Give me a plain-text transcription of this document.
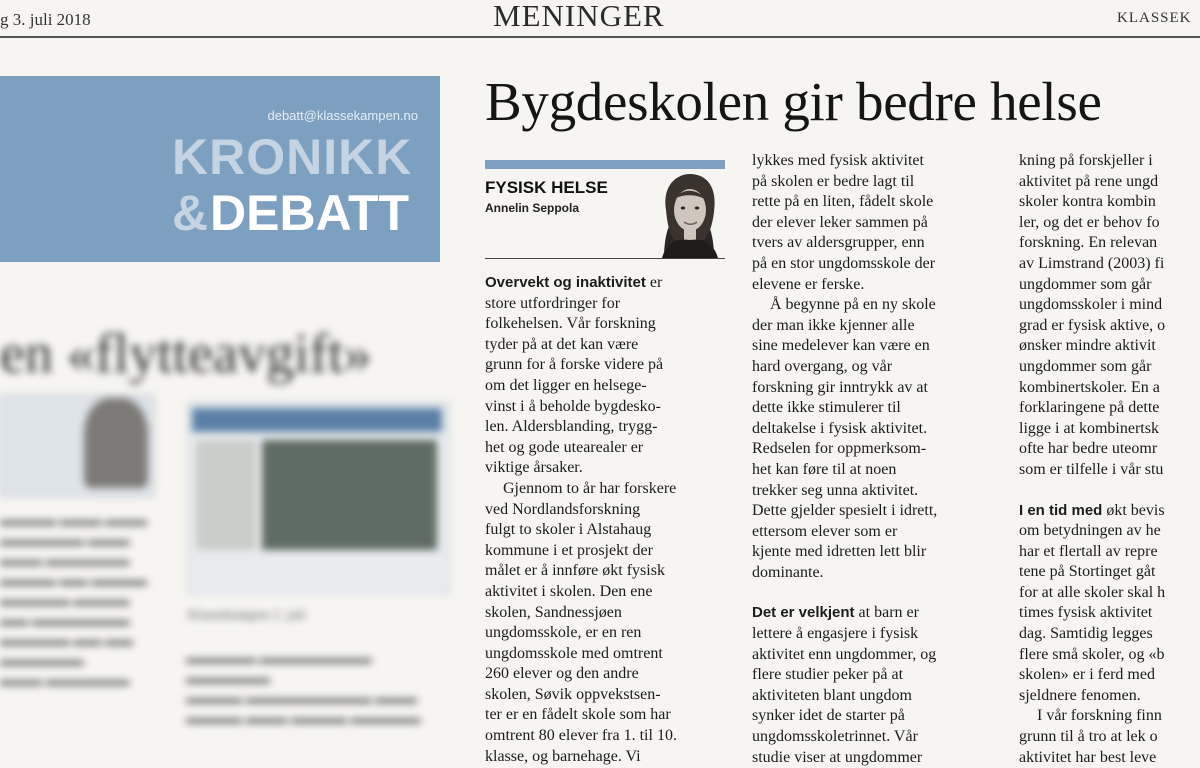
g 3. juli 2018	MENINGER	KLASSEK
debatt@klassekampen.no
KRONIKK
& DEBATT
en «flytteavgift»
Klassekampen 2. juli
▬▬▬▬ ▬▬▬ ▬▬▬
▬▬▬▬▬▬ ▬▬▬
▬▬▬ ▬▬▬▬▬▬
▬▬▬▬ ▬▬ ▬▬▬▬
▬▬▬▬▬ ▬▬▬▬
▬▬ ▬▬▬▬▬▬▬
▬▬▬▬▬ ▬▬ ▬▬
▬▬▬▬▬▬
▬▬▬ ▬▬▬▬▬▬
▬▬▬▬▬ ▬▬▬▬▬▬▬▬ ▬▬▬▬▬▬
▬▬▬▬ ▬▬▬▬▬▬▬▬▬ ▬▬▬
▬▬▬▬ ▬▬▬ ▬▬▬▬ ▬▬▬▬▬
Bygdeskolen gir bedre helse
FYSISK HELSE
Annelin Seppola

Overvekt og inaktivitet er

store utfordringer for

folkehelsen. Vår forskning

tyder på at det kan være

grunn for å forske videre på

om det ligger en helsege-

vinst i å beholde bygdesko-

len. Aldersblanding, trygg-

het og gode utearealer er

viktige årsaker.

Gjennom to år har forskere

ved Nordlandsforskning

fulgt to skoler i Alstahaug

kommune i et prosjekt der

målet er å innføre økt fysisk

aktivitet i skolen. Den ene

skolen, Sandnessjøen

ungdomsskole, er en ren

ungdomsskole med omtrent

260 elever og den andre

skolen, Søvik oppvekstsen-

ter er en fådelt skole som har

omtrent 80 elever fra 1. til 10.

klasse, og barnehage. Vi

lykkes med fysisk aktivitet

på skolen er bedre lagt til

rette på en liten, fådelt skole

der elever leker sammen på

tvers av aldersgrupper, enn

på en stor ungdomsskole der

elevene er ferske.

Å begynne på en ny skole

der man ikke kjenner alle

sine medelever kan være en

hard overgang, og vår

forskning gir inntrykk av at

dette ikke stimulerer til

deltakelse i fysisk aktivitet.

Redselen for oppmerksom-

het kan føre til at noen

trekker seg unna aktivitet.

Dette gjelder spesielt i idrett,

ettersom elever som er

kjente med idretten lett blir

dominante.

Det er velkjent at barn er

lettere å engasjere i fysisk

aktivitet enn ungdommer, og

flere studier peker på at

aktiviteten blant ungdom

synker idet de starter på

ungdomsskoletrinnet. Vår

studie viser at ungdommer

kning på forskjeller i

aktivitet på rene ungd

skoler kontra kombin

ler, og det er behov fo

forskning. En relevan

av Limstrand (2003) fi

ungdommer som går

ungdomsskoler i mind

grad er fysisk aktive, o

ønsker mindre aktivit

ungdommer som går

kombinertskoler. En a

forklaringene på dette

ligge i at kombinertsk

ofte har bedre uteomr

som er tilfelle i vår stu

I en tid med økt bevis

om betydningen av he

har et flertall av repre

tene på Stortinget gåt

for at alle skoler skal h

times fysisk aktivitet

dag. Samtidig legges

flere små skoler, og «b

skolen» er i ferd med

sjeldnere fenomen.

I vår forskning finn

grunn til å tro at lek o

aktivitet har best leve
